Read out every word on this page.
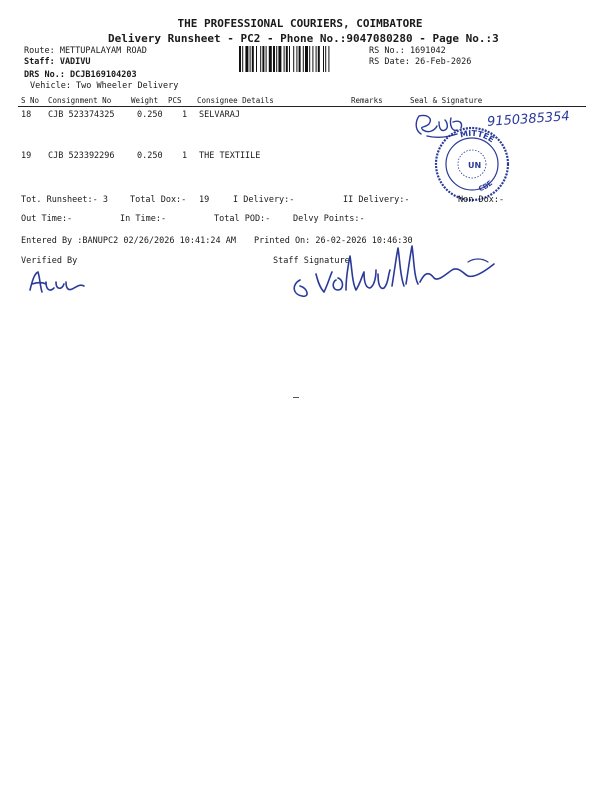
THE PROFESSIONAL COURIERS, COIMBATORE
Delivery Runsheet - PC2 - Phone No.:9047080280 - Page No.:3
Route: METTUPALAYAM ROAD
Staff: VADIVU
DRS No.: DCJB169104203
Vehicle: Two Wheeler Delivery
RS No.: 1691042
RS Date: 26-Feb-2026
S No Consignment No	Weight PCS Consignee Details	Remarks	Seal & Signature
18 CJB 523374325	0.250 1 SELVARAJ
19 CJB 523392296	0.250 1 THE TEXTIILE
9150385354
MITTEE
CBE
UN
Tot. Runsheet:- 3	Total Dox:- 19	I Delivery:-	II Delivery:-	Non Dox:-
Out Time:-	In Time:-	Total POD:-	Delvy Points:-
Entered By :BANUPC2 02/26/2026 10:41:24 AM Printed On: 26-02-2026 10:46:30
Verified By	Staff Signature
